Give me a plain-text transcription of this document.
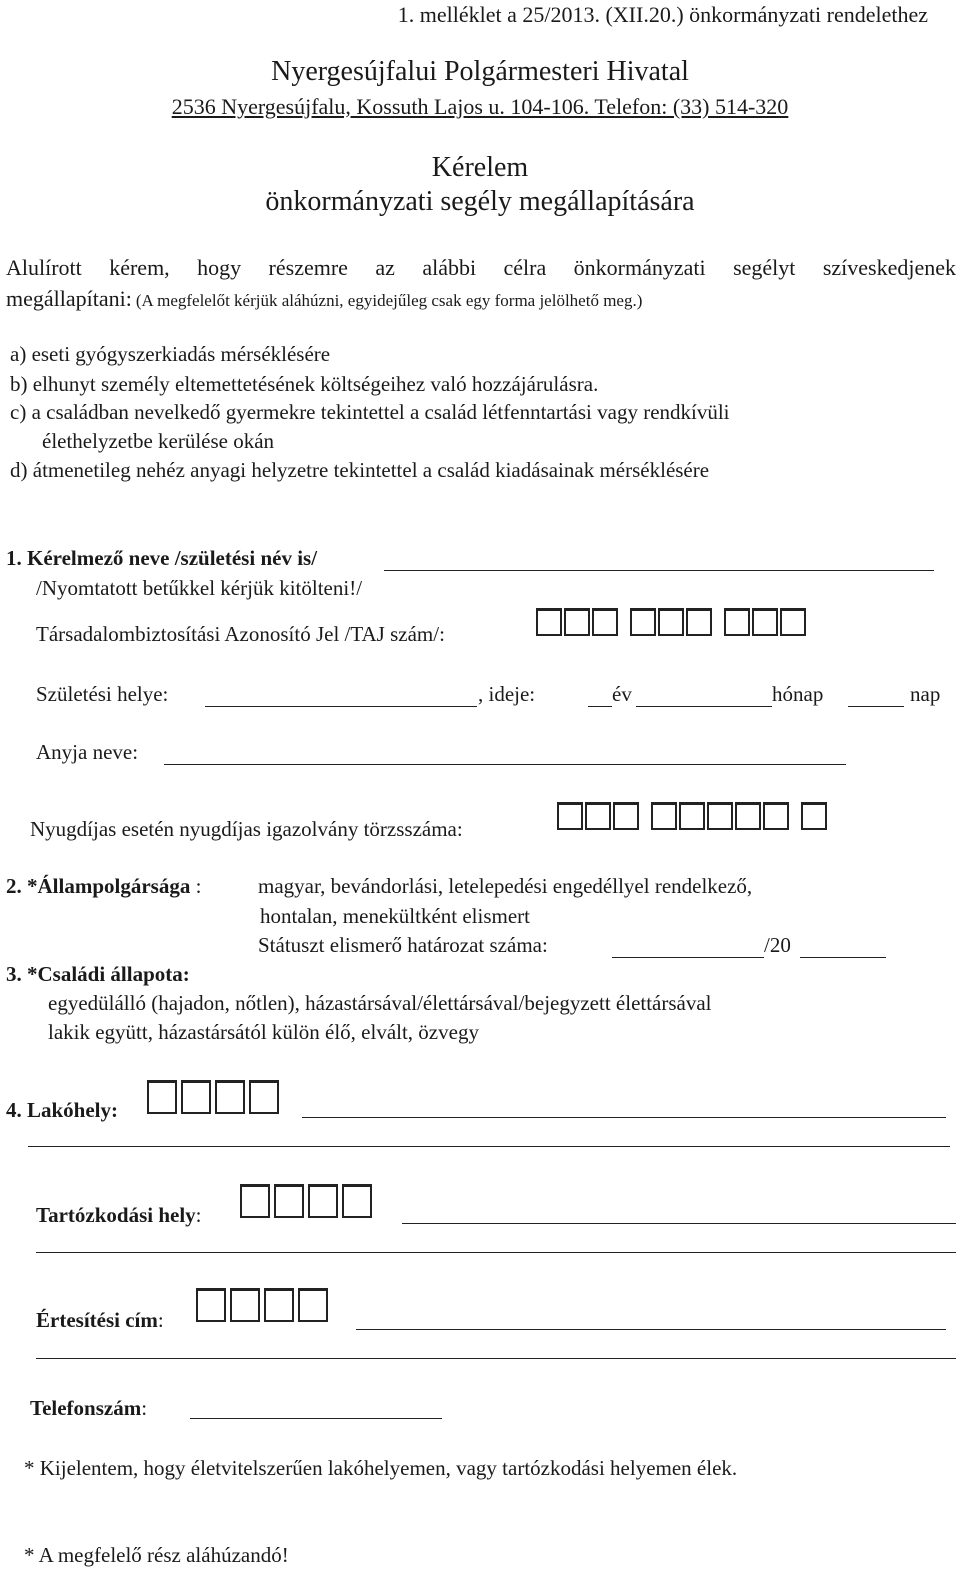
1. melléklet a 25/2013. (XII.20.) önkormányzati rendelethez
Nyergesújfalui Polgármesteri Hivatal
2536 Nyergesújfalu, Kossuth Lajos u. 104-106. Telefon: (33) 514-320
Kérelem
önkormányzati segély megállapítására
Alulírott kérem, hogy részemre az alábbi célra önkormányzati segélyt szíveskedjenek
megállapítani: (A megfelelőt kérjük aláhúzni, egyidejűleg csak egy forma jelölhető meg.)
a) eseti gyógyszerkiadás mérséklésére
b) elhunyt személy eltemettetésének költségeihez való hozzájárulásra.
c) a családban nevelkedő gyermekre tekintettel a család létfenntartási vagy rendkívüli
élethelyzetbe kerülése okán
d) átmenetileg nehéz anyagi helyzetre tekintettel a család kiadásainak mérséklésére
1. Kérelmező neve /születési név is/
/Nyomtatott betűkkel kérjük kitölteni!/
Társadalombiztosítási Azonosító Jel /TAJ szám/:
Születési helye:	, ideje:	év	hónap	nap
Anyja neve:
Nyugdíjas esetén nyugdíjas igazolvány törzsszáma:
2. *Állampolgársága :	magyar, bevándorlási, letelepedési engedéllyel rendelkező,
hontalan, menekültként elismert
Státuszt elismerő határozat száma:	/20
3. *Családi állapota:
egyedülálló (hajadon, nőtlen), házastársával/élettársával/bejegyzett élettársával
lakik együtt, házastársától külön élő, elvált, özvegy
4. Lakóhely:
Tartózkodási hely:
Értesítési cím:
Telefonszám:
* Kijelentem, hogy életvitelszerűen lakóhelyemen, vagy tartózkodási helyemen élek.
* A megfelelő rész aláhúzandó!
